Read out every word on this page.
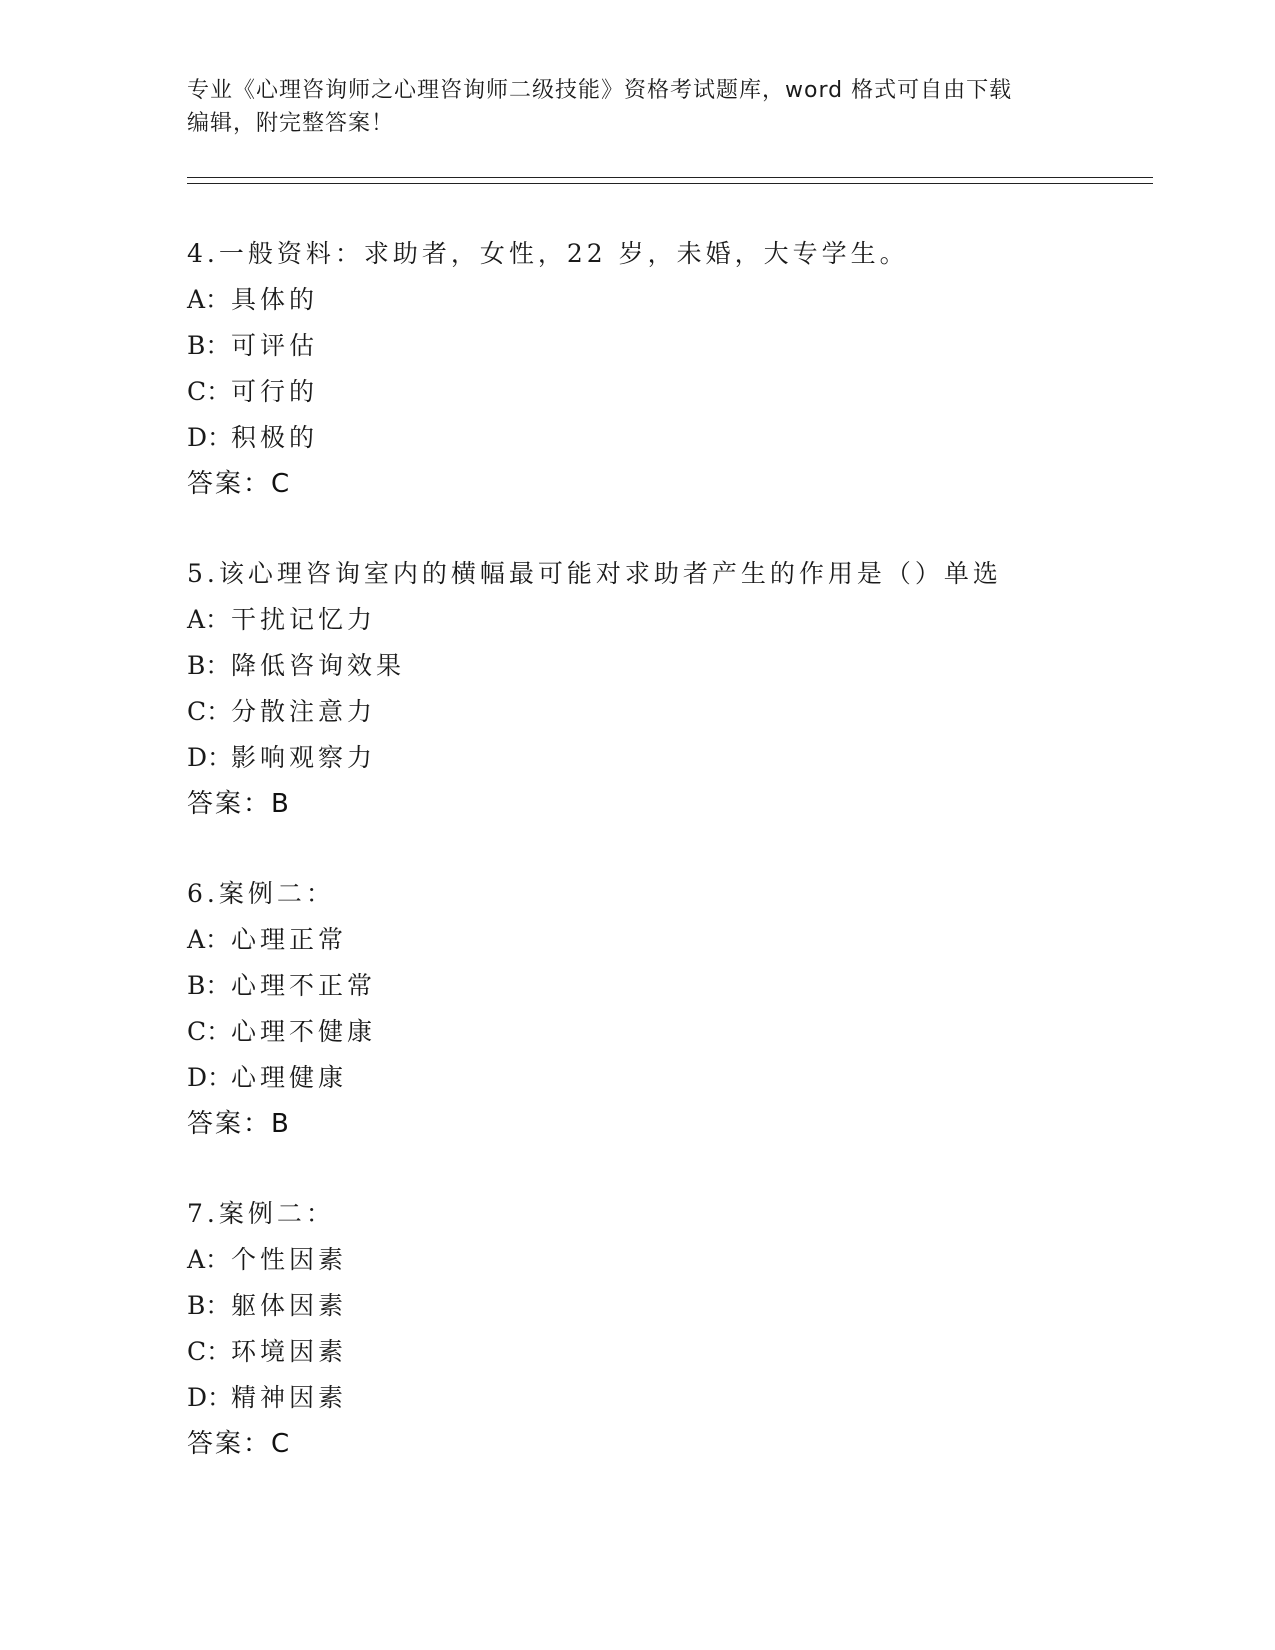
专业《心理咨询师之心理咨询师二级技能》资格考试题库，word 格式可自由下载
编辑，附完整答案！
4.一般资料：求助者，女性，22 岁，未婚，大专学生。
A：具体的
B：可评估
C：可行的
D：积极的
答案：C
5.该心理咨询室内的横幅最可能对求助者产生的作用是（）单选
A：干扰记忆力
B：降低咨询效果
C：分散注意力
D：影响观察力
答案：B
6.案例二：
A：心理正常
B：心理不正常
C：心理不健康
D：心理健康
答案：B
7.案例二：
A：个性因素
B：躯体因素
C：环境因素
D：精神因素
答案：C
